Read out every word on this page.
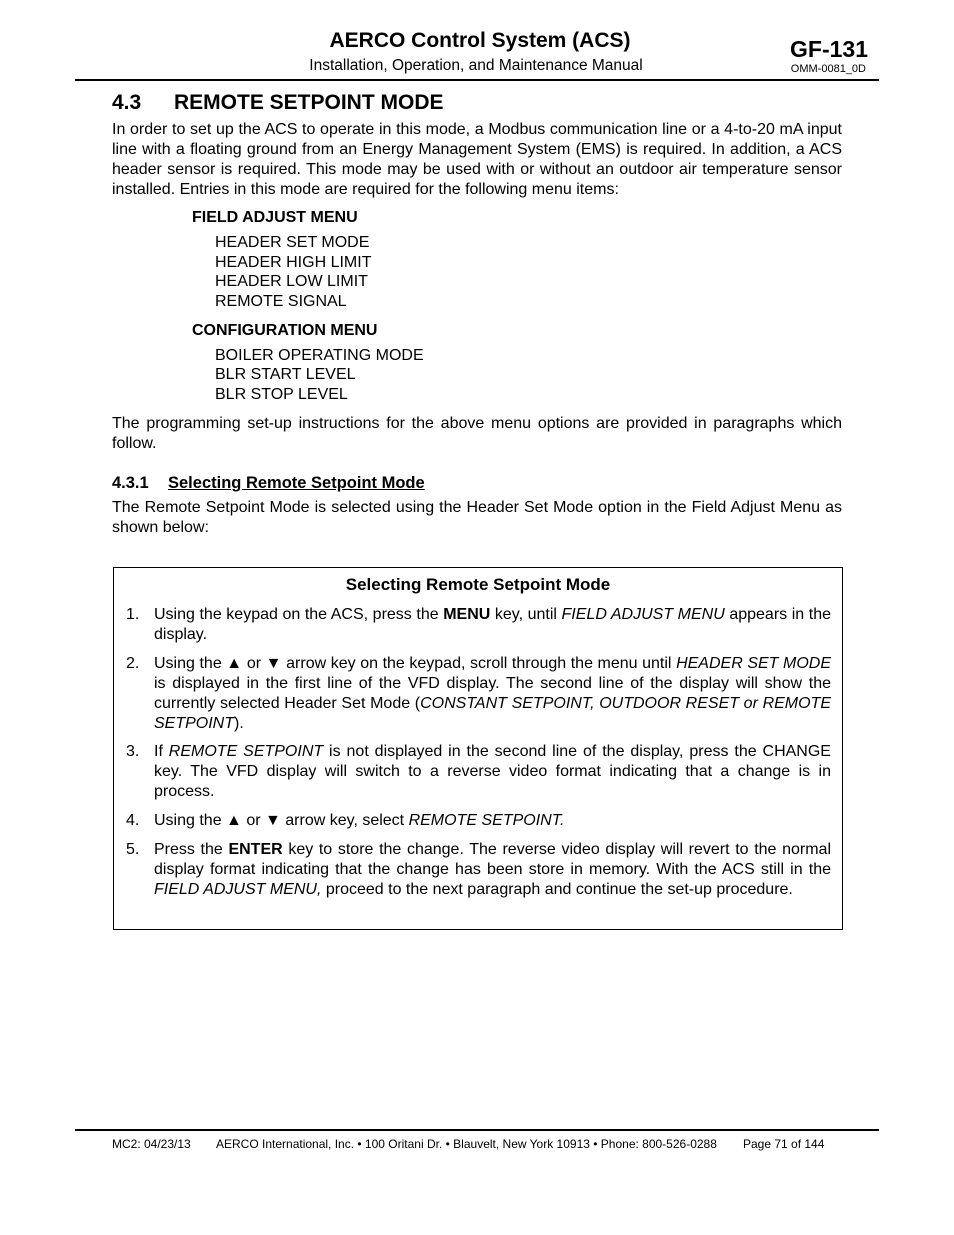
AERCO Control System (ACS)
Installation, Operation, and Maintenance Manual
GF-131
OMM-0081_0D
4.3 REMOTE SETPOINT MODE
In order to set up the ACS to operate in this mode, a Modbus communication line or a 4-to-20 mA input line with a floating ground from an Energy Management System (EMS) is required. In addition, a ACS header sensor is required. This mode may be used with or without an outdoor air temperature sensor installed. Entries in this mode are required for the following menu items:
FIELD ADJUST MENU
HEADER SET MODE
HEADER HIGH LIMIT
HEADER LOW LIMIT
REMOTE SIGNAL
CONFIGURATION MENU
BOILER OPERATING MODE
BLR START LEVEL
BLR STOP LEVEL
The programming set-up instructions for the above menu options are provided in paragraphs which follow.
4.3.1 Selecting Remote Setpoint Mode
The Remote Setpoint Mode is selected using the Header Set Mode option in the Field Adjust Menu as shown below:
Selecting Remote Setpoint Mode
1. Using the keypad on the ACS, press the MENU key, until FIELD ADJUST MENU appears in the display.
2. Using the ▲ or ▼ arrow key on the keypad, scroll through the menu until HEADER SET MODE is displayed in the first line of the VFD display. The second line of the display will show the currently selected Header Set Mode (CONSTANT SETPOINT, OUTDOOR RESET or REMOTE SETPOINT).
3. If REMOTE SETPOINT is not displayed in the second line of the display, press the CHANGE key. The VFD display will switch to a reverse video format indicating that a change is in process.
4. Using the ▲ or ▼ arrow key, select REMOTE SETPOINT.
5. Press the ENTER key to store the change. The reverse video display will revert to the normal display format indicating that the change has been store in memory. With the ACS still in the FIELD ADJUST MENU, proceed to the next paragraph and continue the set-up procedure.
MC2: 04/23/13 AERCO International, Inc. • 100 Oritani Dr. • Blauvelt, New York 10913 • Phone: 800-526-0288 Page 71 of 144
